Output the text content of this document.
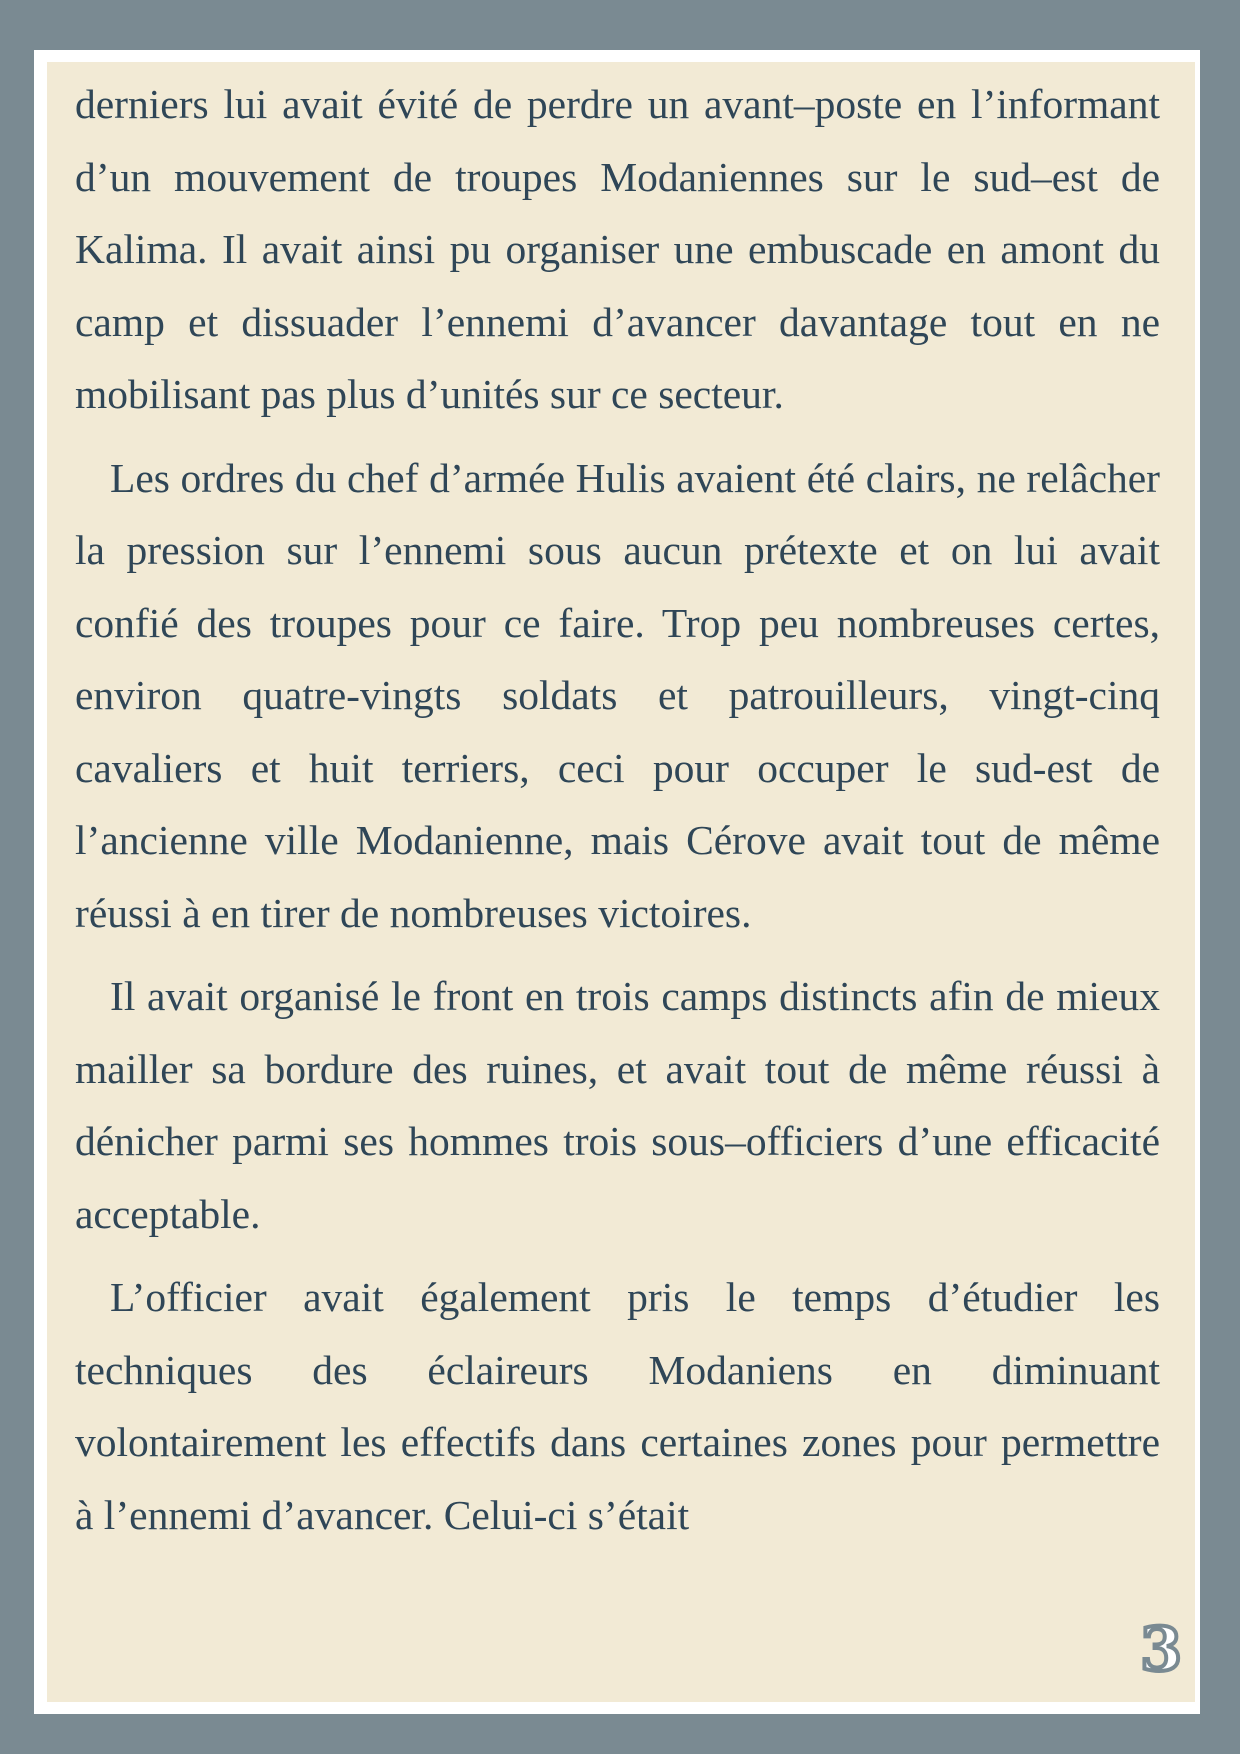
derniers lui avait évité de perdre un avant–poste en l’informant d’un mouvement de troupes Modaniennes sur le sud–est de Kalima. Il avait ainsi pu organiser une embuscade en amont du camp et dissuader l’ennemi d’avancer davantage tout en ne mobilisant pas plus d’unités sur ce secteur.

Les ordres du chef d’armée Hulis avaient été clairs, ne relâcher la pression sur l’ennemi sous aucun prétexte et on lui avait confié des troupes pour ce faire. Trop peu nombreuses certes, environ quatre-vingts soldats et patrouilleurs, vingt-cinq cavaliers et huit terriers, ceci pour occuper le sud-est de l’ancienne ville Modanienne, mais Cérove avait tout de même réussi à en tirer de nombreuses victoires.

Il avait organisé le front en trois camps distincts afin de mieux mailler sa bordure des ruines, et avait tout de même réussi à dénicher parmi ses hommes trois sous–officiers d’une efficacité acceptable.

L’officier avait également pris le temps d’étudier les techniques des éclaireurs Modaniens en diminuant volontairement les effectifs dans certaines zones pour permettre à l’ennemi d’avancer. Celui-ci s’était

3
